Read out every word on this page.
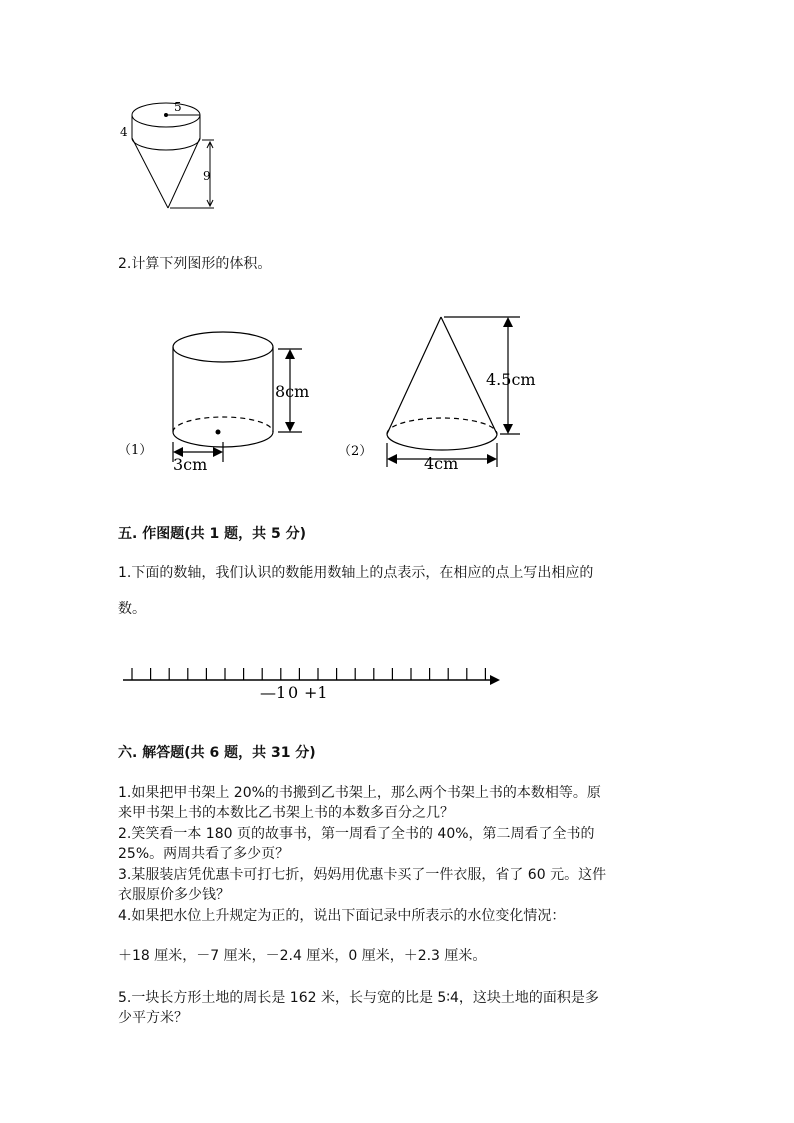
5
4
9
2.计算下列图形的体积。
8cm
3cm
（1）
4.5cm
4cm
（2）
五. 作图题(共 1 题，共 5 分)
1.下面的数轴，我们认识的数能用数轴上的点表示，在相应的点上写出相应的
数。
—1 0 +1
六. 解答题(共 6 题，共 31 分)
1.如果把甲书架上 20%的书搬到乙书架上，那么两个书架上书的本数相等。原
来甲书架上书的本数比乙书架上书的本数多百分之几？
2.笑笑看一本 180 页的故事书，第一周看了全书的 40%，第二周看了全书的
25%。两周共看了多少页？
3.某服装店凭优惠卡可打七折，妈妈用优惠卡买了一件衣服，省了 60 元。这件
衣服原价多少钱？
4.如果把水位上升规定为正的，说出下面记录中所表示的水位变化情况：
＋18 厘米，－7 厘米，－2.4 厘米，0 厘米，＋2.3 厘米。
5.一块长方形土地的周长是 162 米，长与宽的比是 5∶4，这块土地的面积是多
少平方米？
